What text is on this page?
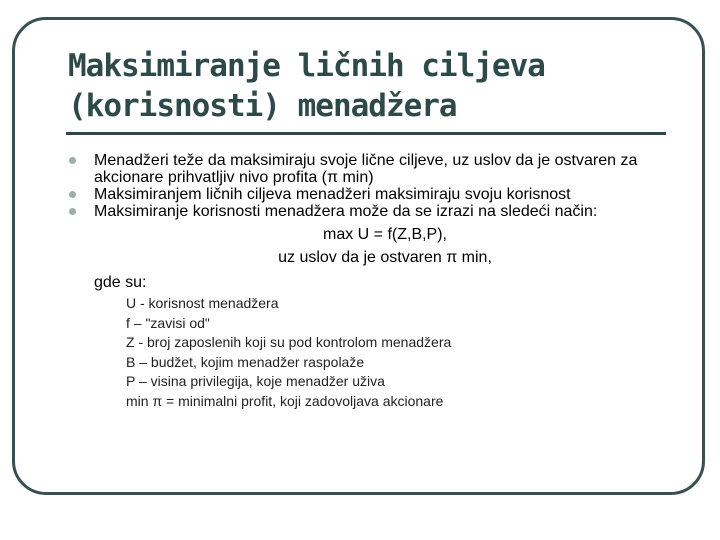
Maksimiranje ličnih ciljeva
(korisnosti) menadžera
Menadžeri teže da maksimiraju svoje lične ciljeve, uz uslov da je ostvaren za akcionare prihvatljiv nivo profita (π min)
Maksimiranjem ličnih ciljeva menadžeri maksimiraju svoju korisnost
Maksimiranje korisnosti menadžera može da se izrazi na sledeći način:
max U = f(Z,B,P),
uz uslov da je ostvaren π min,
gde su:
U - korisnost menadžera
f – "zavisi od"
Z - broj zaposlenih koji su pod kontrolom menadžera
B – budžet, kojim menadžer raspolaže
P – visina privilegija, koje menadžer uživa
min π = minimalni profit, koji zadovoljava akcionare
